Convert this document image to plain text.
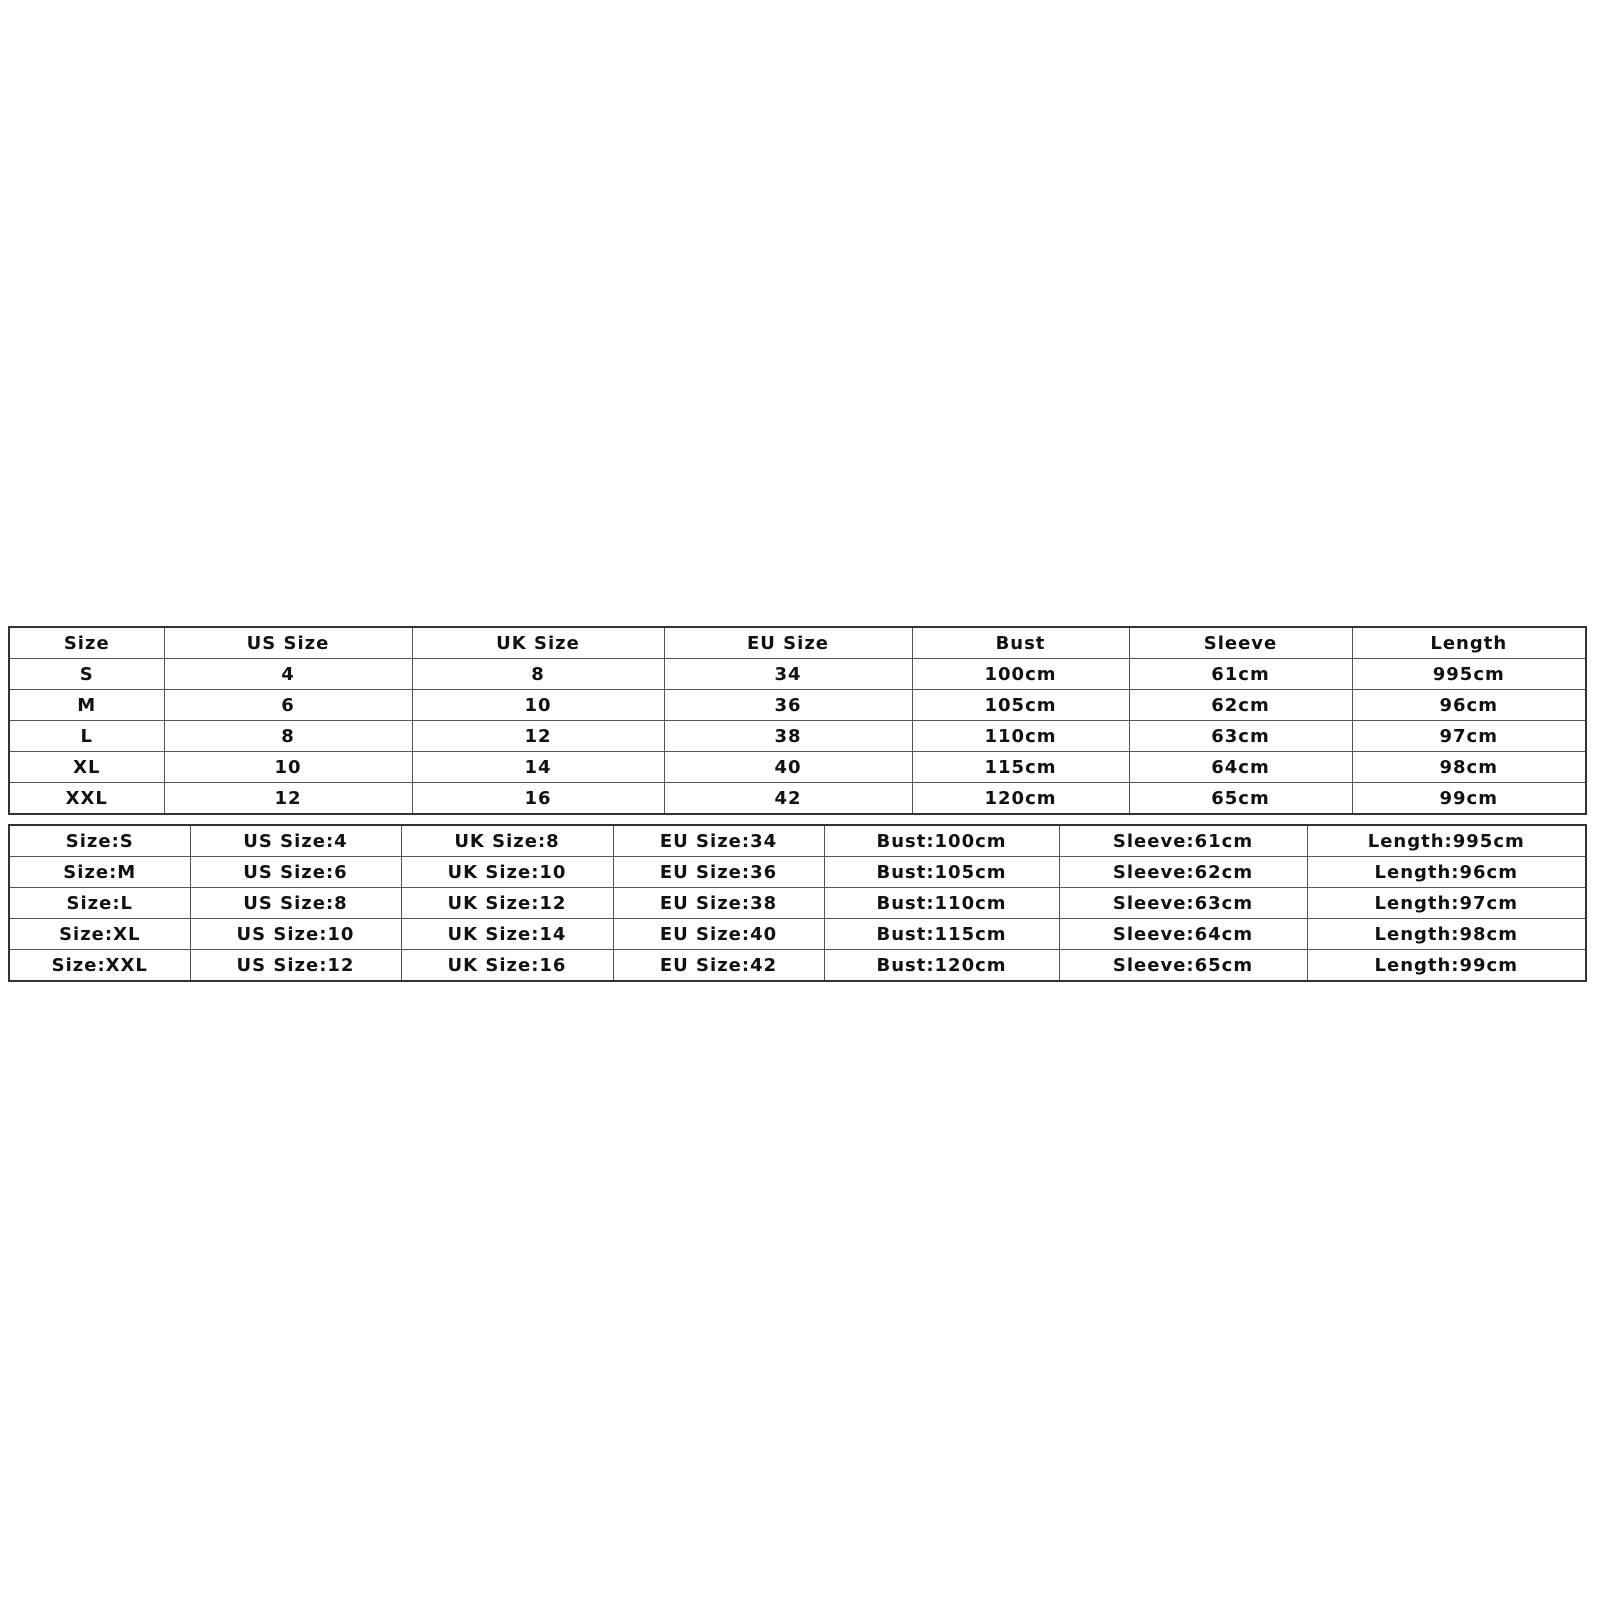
Size	US Size	UK Size	EU Size	Bust	Sleeve	Length
S	4	8	34	100cm	61cm	995cm
M	6	10	36	105cm	62cm	96cm
L	8	12	38	110cm	63cm	97cm
XL	10	14	40	115cm	64cm	98cm
XXL	12	16	42	120cm	65cm	99cm
Size:S	US Size:4	UK Size:8	EU Size:34	Bust:100cm	Sleeve:61cm	Length:995cm
Size:M	US Size:6	UK Size:10	EU Size:36	Bust:105cm	Sleeve:62cm	Length:96cm
Size:L	US Size:8	UK Size:12	EU Size:38	Bust:110cm	Sleeve:63cm	Length:97cm
Size:XL	US Size:10	UK Size:14	EU Size:40	Bust:115cm	Sleeve:64cm	Length:98cm
Size:XXL	US Size:12	UK Size:16	EU Size:42	Bust:120cm	Sleeve:65cm	Length:99cm
